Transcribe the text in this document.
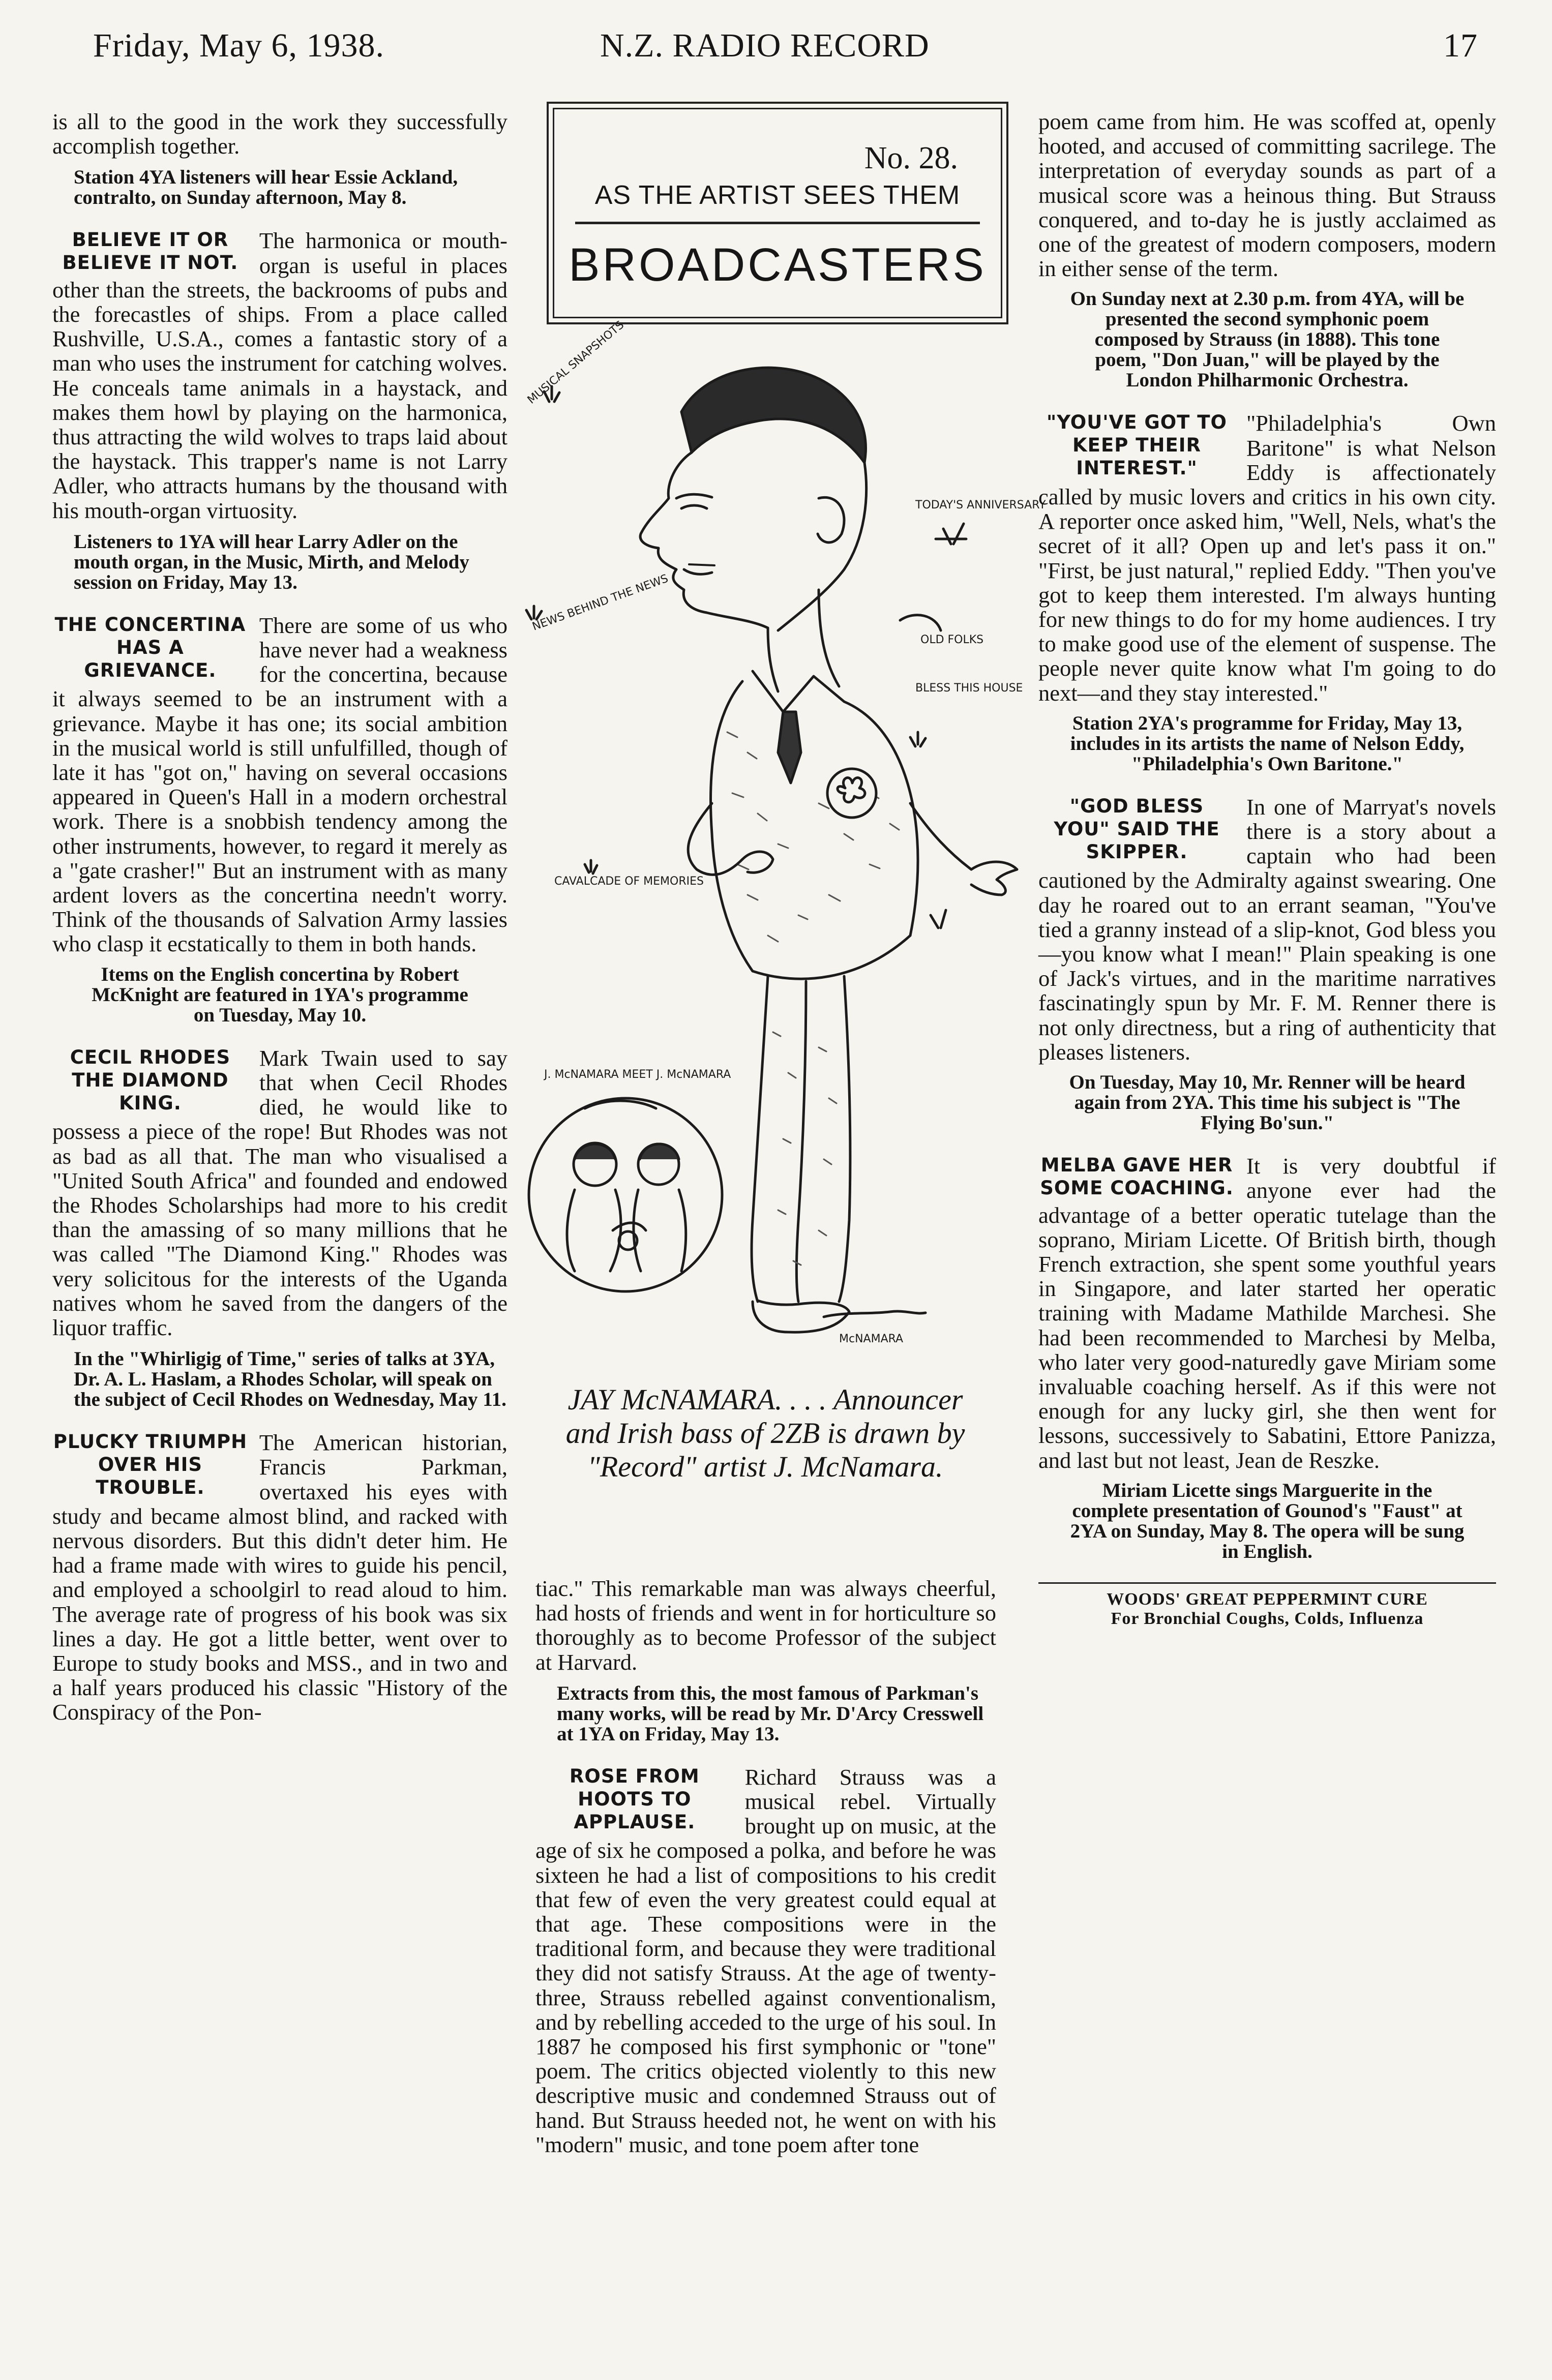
Friday, May 6, 1938.	N.Z. RADIO RECORD	17

is all to the good in the work they successfully accomplish together.

Station 4YA listeners will hear Essie Ackland, contralto, on Sunday afternoon, May 8.

BELIEVE IT OR BELIEVE IT NOT.

The harmonica or mouth-organ is useful in places other than the streets, the backrooms of pubs and the forecastles of ships. From a place called Rushville, U.S.A., comes a fantastic story of a man who uses the instrument for catching wolves. He conceals tame animals in a haystack, and makes them howl by playing on the harmonica, thus attracting the wild wolves to traps laid about the haystack. This trapper's name is not Larry Adler, who attracts humans by the thousand with his mouth-organ virtuosity.

Listeners to 1YA will hear Larry Adler on the mouth organ, in the Music, Mirth, and Melody session on Friday, May 13.

THE CONCERTINA HAS A GRIEVANCE.

There are some of us who have never had a weakness for the concertina, because it always seemed to be an instrument with a grievance. Maybe it has one; its social ambition in the musical world is still unfulfilled, though of late it has "got on," having on several occasions appeared in Queen's Hall in a modern orchestral work. There is a snobbish tendency among the other instruments, however, to regard it merely as a "gate crasher!" But an instrument with as many ardent lovers as the concertina needn't worry. Think of the thousands of Salvation Army lassies who clasp it ecstatically to them in both hands.

Items on the English concertina by Robert McKnight are featured in 1YA's programme on Tuesday, May 10.

CECIL RHODES THE DIAMOND KING.

Mark Twain used to say that when Cecil Rhodes died, he would like to possess a piece of the rope! But Rhodes was not as bad as all that. The man who visualised a "United South Africa" and founded and endowed the Rhodes Scholarships had more to his credit than the amassing of so many millions that he was called "The Diamond King." Rhodes was very solicitous for the interests of the Uganda natives whom he saved from the dangers of the liquor traffic.

In the "Whirligig of Time," series of talks at 3YA, Dr. A. L. Haslam, a Rhodes Scholar, will speak on the subject of Cecil Rhodes on Wednesday, May 11.

PLUCKY TRIUMPH OVER HIS TROUBLE.

The American historian, Francis Parkman, overtaxed his eyes with study and became almost blind, and racked with nervous disorders. But this didn't deter him. He had a frame made with wires to guide his pencil, and employed a schoolgirl to read aloud to him. The average rate of progress of his book was six lines a day. He got a little better, went over to Europe to study books and MSS., and in two and a half years produced his classic "History of the Conspiracy of the Pon-

No. 28.
AS THE ARTIST SEES THEM
BROADCASTERS
MUSICAL SNAPSHOTS
TODAY'S ANNIVERSARY
OLD FOLKS
NEWS BEHIND THE NEWS
BLESS THIS HOUSE
CAVALCADE OF MEMORIES
J. McNAMARA MEET J. McNAMARA
McNAMARA
JAY McNAMARA. . . . Announcer and Irish bass of 2ZB is drawn by "Record" artist J. McNamara.

tiac." This remarkable man was always cheerful, had hosts of friends and went in for horticulture so thoroughly as to become Professor of the subject at Harvard.

Extracts from this, the most famous of Parkman's many works, will be read by Mr. D'Arcy Cresswell at 1YA on Friday, May 13.

ROSE FROM HOOTS TO APPLAUSE.

Richard Strauss was a musical rebel. Virtually brought up on music, at the age of six he composed a polka, and before he was sixteen he had a list of compositions to his credit that few of even the very greatest could equal at that age. These compositions were in the traditional form, and because they were traditional they did not satisfy Strauss. At the age of twenty-three, Strauss rebelled against conventionalism, and by rebelling acceded to the urge of his soul. In 1887 he composed his first symphonic or "tone" poem. The critics objected violently to this new descriptive music and condemned Strauss out of hand. But Strauss heeded not, he went on with his "modern" music, and tone poem after tone

poem came from him. He was scoffed at, openly hooted, and accused of committing sacrilege. The interpretation of everyday sounds as part of a musical score was a heinous thing. But Strauss conquered, and to-day he is justly acclaimed as one of the greatest of modern composers, modern in either sense of the term.

On Sunday next at 2.30 p.m. from 4YA, will be presented the second symphonic poem composed by Strauss (in 1888). This tone poem, "Don Juan," will be played by the London Philharmonic Orchestra.

"YOU'VE GOT TO KEEP THEIR INTEREST."

"Philadelphia's Own Baritone" is what Nelson Eddy is affectionately called by music lovers and critics in his own city. A reporter once asked him, "Well, Nels, what's the secret of it all? Open up and let's pass it on." "First, be just natural," replied Eddy. "Then you've got to keep them interested. I'm always hunting for new things to do for my home audiences. I try to make good use of the element of suspense. The people never quite know what I'm going to do next—and they stay interested."

Station 2YA's programme for Friday, May 13, includes in its artists the name of Nelson Eddy, "Philadelphia's Own Baritone."

"GOD BLESS YOU" SAID THE SKIPPER.

In one of Marryat's novels there is a story about a captain who had been cautioned by the Admiralty against swearing. One day he roared out to an errant seaman, "You've tied a granny instead of a slip-knot, God bless you—you know what I mean!" Plain speaking is one of Jack's virtues, and in the maritime narratives fascinatingly spun by Mr. F. M. Renner there is not only directness, but a ring of authenticity that pleases listeners.

On Tuesday, May 10, Mr. Renner will be heard again from 2YA. This time his subject is "The Flying Bo'sun."

MELBA GAVE HER SOME COACHING.

It is very doubtful if anyone ever had the advantage of a better operatic tutelage than the soprano, Miriam Licette. Of British birth, though French extraction, she spent some youthful years in Singapore, and later started her operatic training with Madame Mathilde Marchesi. She had been recommended to Marchesi by Melba, who later very good-naturedly gave Miriam some invaluable coaching herself. As if this were not enough for any lucky girl, she then went for lessons, successively to Sabatini, Ettore Panizza, and last but not least, Jean de Reszke.

Miriam Licette sings Marguerite in the complete presentation of Gounod's "Faust" at 2YA on Sunday, May 8. The opera will be sung in English.

WOODS' GREAT PEPPERMINT CURE
For Bronchial Coughs, Colds, Influenza
